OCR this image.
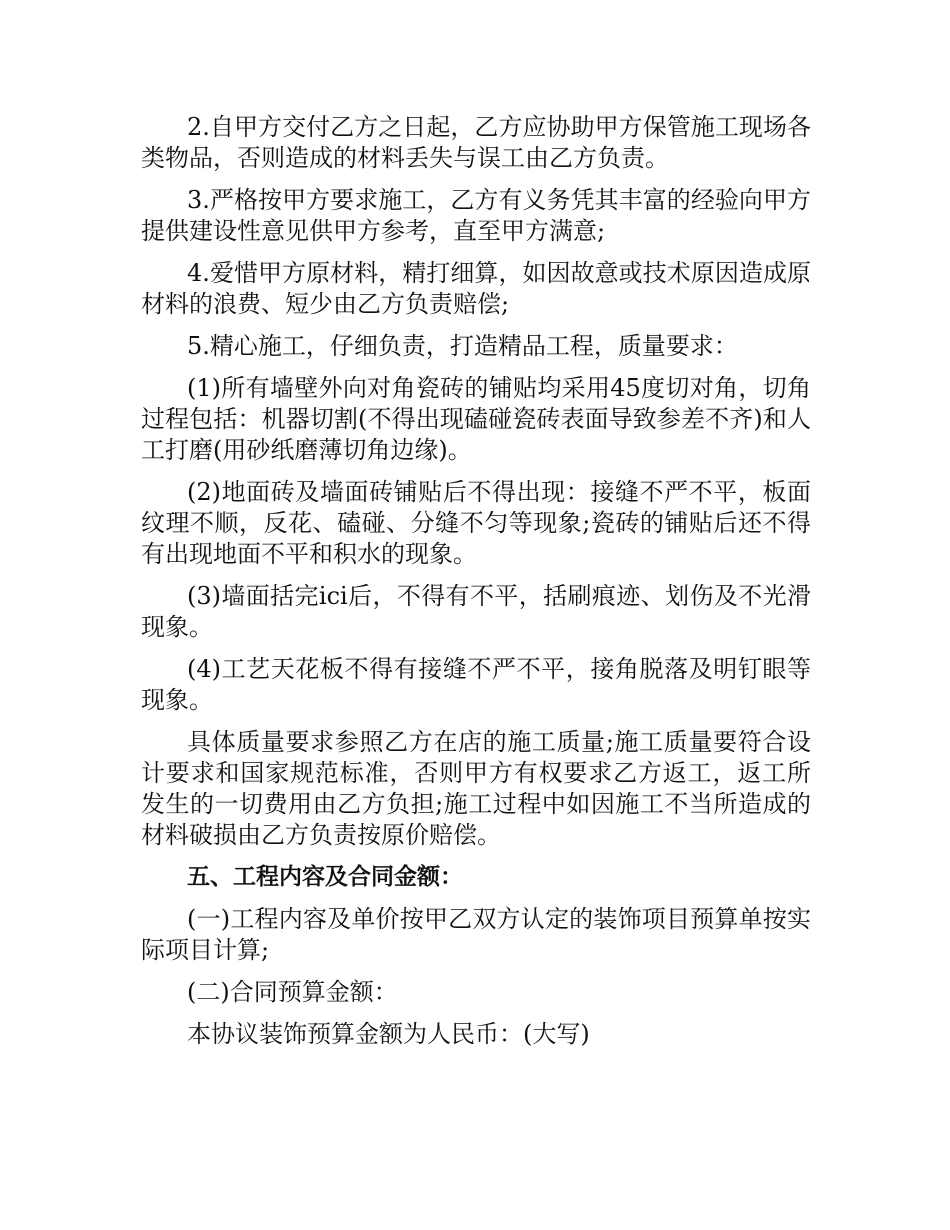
2.自甲方交付乙方之日起，乙方应协助甲方保管施工现场各类物品，否则造成的材料丢失与误工由乙方负责。

3.严格按甲方要求施工，乙方有义务凭其丰富的经验向甲方提供建设性意见供甲方参考，直至甲方满意;

4.爱惜甲方原材料，精打细算，如因故意或技术原因造成原材料的浪费、短少由乙方负责赔偿;

5.精心施工，仔细负责，打造精品工程，质量要求：

(1)所有墙壁外向对角瓷砖的铺贴均采用45度切对角，切角过程包括：机器切割(不得出现磕碰瓷砖表面导致参差不齐)和人工打磨(用砂纸磨薄切角边缘)。

(2)地面砖及墙面砖铺贴后不得出现：接缝不严不平，板面纹理不顺，反花、磕碰、分缝不匀等现象;瓷砖的铺贴后还不得有出现地面不平和积水的现象。

(3)墙面括完ici后，不得有不平，括刷痕迹、划伤及不光滑现象。

(4)工艺天花板不得有接缝不严不平，接角脱落及明钉眼等现象。

具体质量要求参照乙方在店的施工质量;施工质量要符合设计要求和国家规范标准，否则甲方有权要求乙方返工，返工所发生的一切费用由乙方负担;施工过程中如因施工不当所造成的材料破损由乙方负责按原价赔偿。

五、工程内容及合同金额：

(一)工程内容及单价按甲乙双方认定的装饰项目预算单按实际项目计算;

(二)合同预算金额：

本协议装饰预算金额为人民币：(大写)
